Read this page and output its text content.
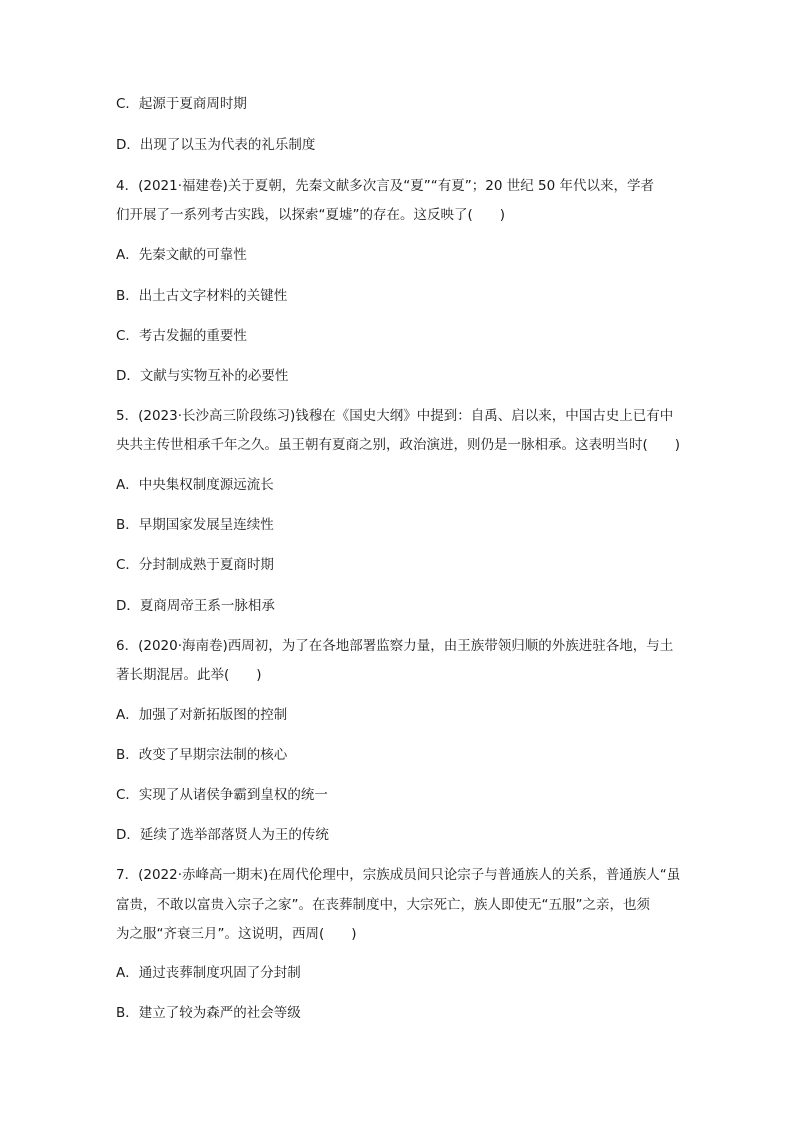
C．起源于夏商周时期
D．出现了以玉为代表的礼乐制度
4．(2021·福建卷)关于夏朝，先秦文献多次言及“夏”“有夏”；20 世纪 50 年代以来，学者
们开展了一系列考古实践，以探索“夏墟”的存在。这反映了(　　)
A．先秦文献的可靠性
B．出土古文字材料的关键性
C．考古发掘的重要性
D．文献与实物互补的必要性
5．(2023·长沙高三阶段练习)钱穆在《国史大纲》中提到：自禹、启以来，中国古史上已有中
央共主传世相承千年之久。虽王朝有夏商之别，政治演进，则仍是一脉相承。这表明当时(　　)
A．中央集权制度源远流长
B．早期国家发展呈连续性
C．分封制成熟于夏商时期
D．夏商周帝王系一脉相承
6．(2020·海南卷)西周初，为了在各地部署监察力量，由王族带领归顺的外族进驻各地，与土
著长期混居。此举(　　)
A．加强了对新拓版图的控制
B．改变了早期宗法制的核心
C．实现了从诸侯争霸到皇权的统一
D．延续了选举部落贤人为王的传统
7．(2022·赤峰高一期末)在周代伦理中，宗族成员间只论宗子与普通族人的关系，普通族人“虽
富贵，不敢以富贵入宗子之家”。在丧葬制度中，大宗死亡，族人即使无“五服”之亲，也须
为之服“齐衰三月”。这说明，西周(　　)
A．通过丧葬制度巩固了分封制
B．建立了较为森严的社会等级
